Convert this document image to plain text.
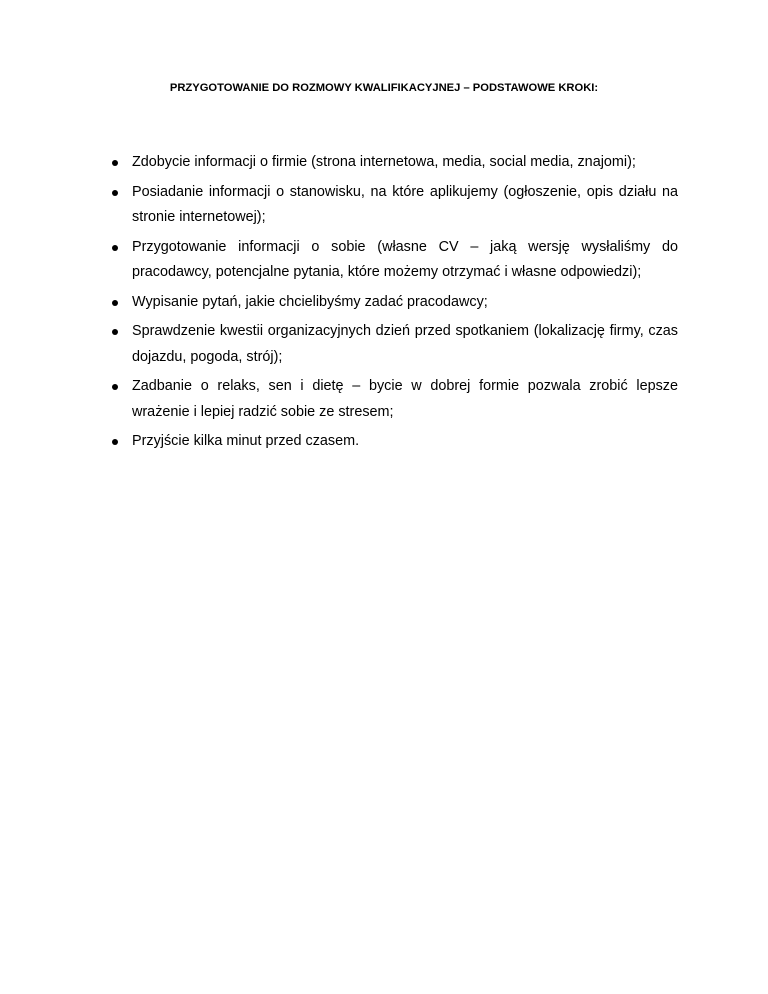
PRZYGOTOWANIE DO ROZMOWY KWALIFIKACYJNEJ – PODSTAWOWE KROKI:
Zdobycie informacji o firmie (strona internetowa, media, social media, znajomi);
Posiadanie informacji o stanowisku, na które aplikujemy (ogłoszenie, opis działu na stronie internetowej);
Przygotowanie informacji o sobie (własne CV – jaką wersję wysłaliśmy do pracodawcy, potencjalne pytania, które możemy otrzymać i własne odpowiedzi);
Wypisanie pytań, jakie chcielibyśmy zadać pracodawcy;
Sprawdzenie kwestii organizacyjnych dzień przed spotkaniem (lokalizację firmy, czas dojazdu, pogoda, strój);
Zadbanie o relaks, sen i dietę – bycie w dobrej formie pozwala zrobić lepsze wrażenie i lepiej radzić sobie ze stresem;
Przyjście kilka minut przed czasem.
